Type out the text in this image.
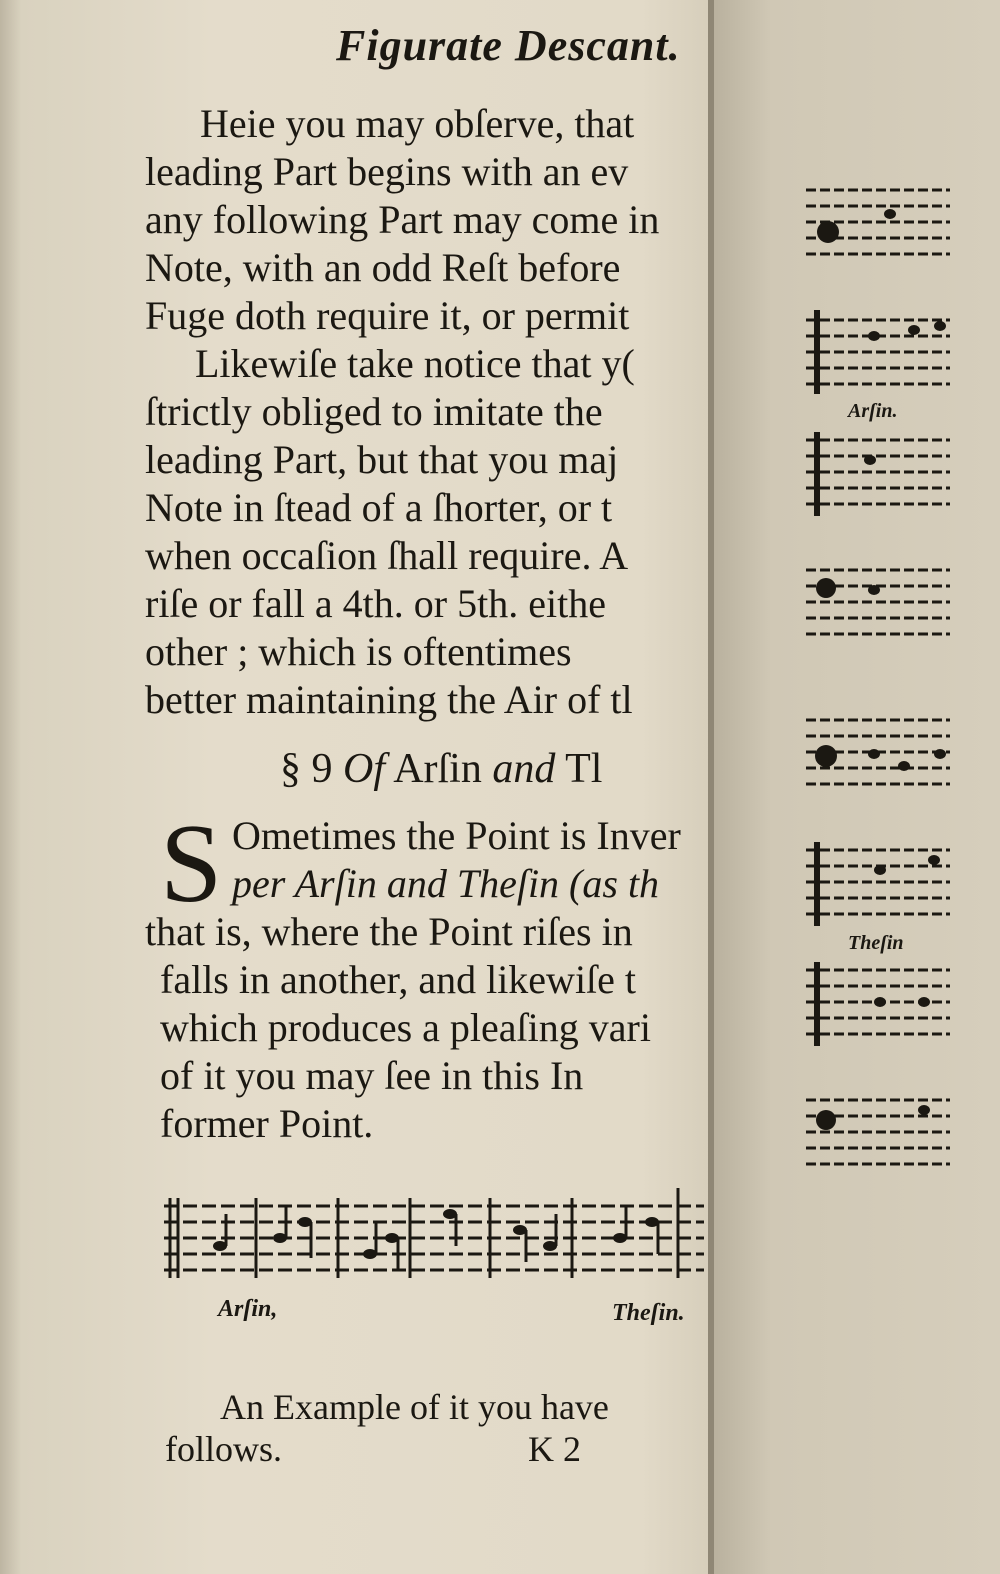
Figurate Descant.
Heie you may obſerve, that
leading Part begins with an ev
any following Part may come in
Note, with an odd Reſt before
Fuge doth require it, or permit
Likewiſe take notice that y(
ſtrictly obliged to imitate the
leading Part, but that you maj
Note in ſtead of a ſhorter, or t
when occaſion ſhall require. A
riſe or fall a 4th. or 5th. eithe
other ; which is oftentimes
better maintaining the Air of tl
§ 9 Of Arſin and Tl
S Ometimes the Point is Inver
per Arſin and Theſin (as th
that is, where the Point riſes in
falls in another, and likewiſe t
which produces a pleaſing vari
of it you may ſee in this In
former Point.
Arſin,	Theſin.
An Example of it you have
follows.	K 2
Arſin.
Theſin
